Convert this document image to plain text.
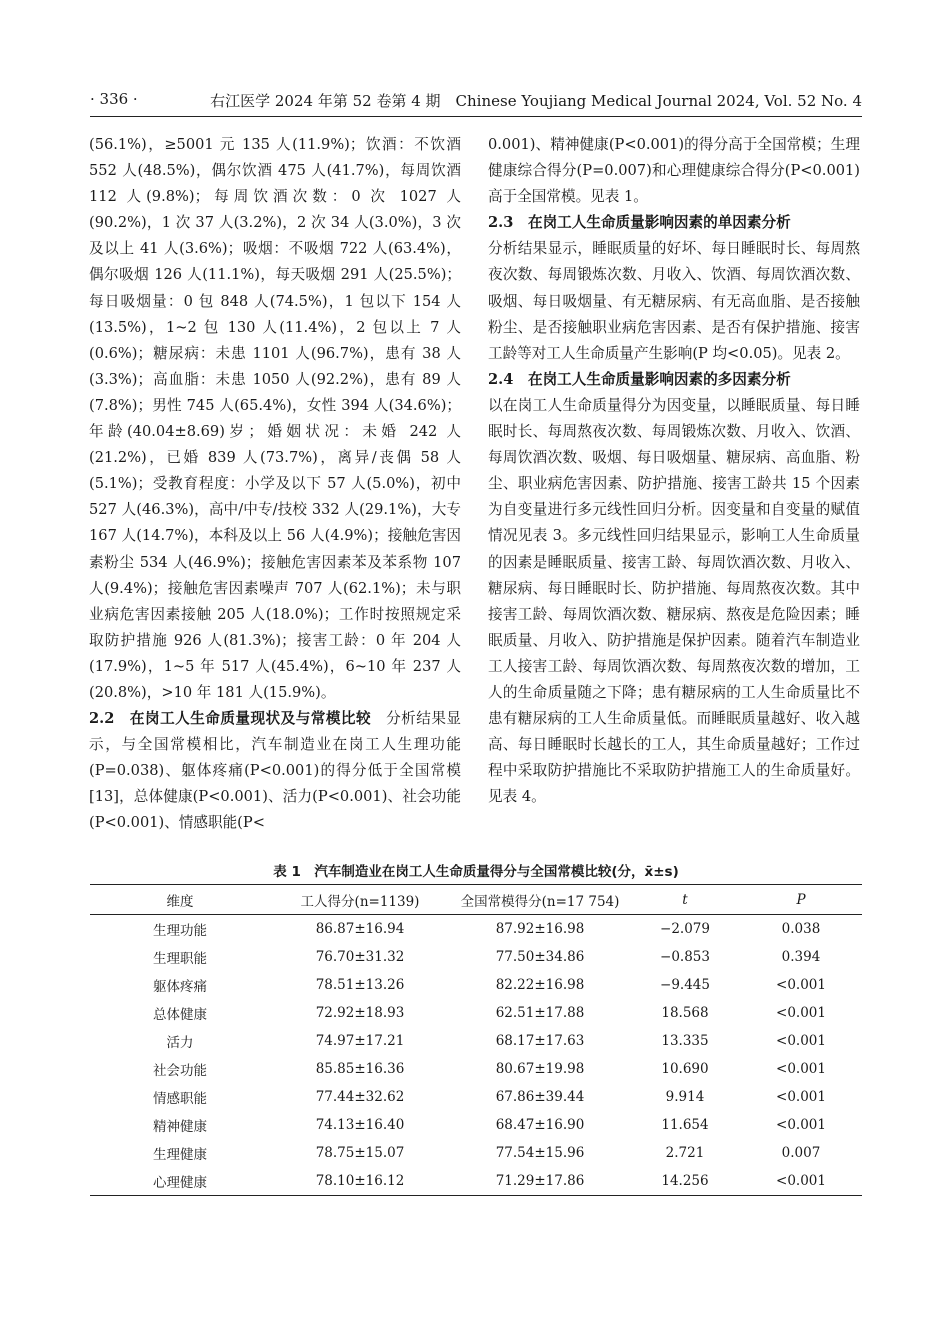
· 336 ·	右江医学 2024 年第 52 卷第 4 期　Chinese Youjiang Medical Journal 2024, Vol. 52 No. 4

(56.1%)，≥5001 元 135 人(11.9%)；饮酒：不饮酒 552 人(48.5%)，偶尔饮酒 475 人(41.7%)，每周饮酒 112 人(9.8%)；每周饮酒次数：0 次 1027 人(90.2%)，1 次 37 人(3.2%)，2 次 34 人(3.0%)，3 次及以上 41 人(3.6%)；吸烟：不吸烟 722 人(63.4%)，偶尔吸烟 126 人(11.1%)，每天吸烟 291 人(25.5%)；每日吸烟量：0 包 848 人(74.5%)，1 包以下 154 人(13.5%)，1~2 包 130 人(11.4%)，2 包以上 7 人(0.6%)；糖尿病：未患 1101 人(96.7%)，患有 38 人(3.3%)；高血脂：未患 1050 人(92.2%)，患有 89 人(7.8%)；男性 745 人(65.4%)，女性 394 人(34.6%)；年龄(40.04±8.69)岁；婚姻状况：未婚 242 人(21.2%)，已婚 839 人(73.7%)，离异/丧偶 58 人(5.1%)；受教育程度：小学及以下 57 人(5.0%)，初中 527 人(46.3%)，高中/中专/技校 332 人(29.1%)，大专 167 人(14.7%)，本科及以上 56 人(4.9%)；接触危害因素粉尘 534 人(46.9%)；接触危害因素苯及苯系物 107 人(9.4%)；接触危害因素噪声 707 人(62.1%)；未与职业病危害因素接触 205 人(18.0%)；工作时按照规定采取防护措施 926 人(81.3%)；接害工龄：0 年 204 人(17.9%)，1~5 年 517 人(45.4%)，6~10 年 237 人(20.8%)，>10 年 181 人(15.9%)。

2.2　在岗工人生命质量现状及与常模比较　分析结果显示，与全国常模相比，汽车制造业在岗工人生理功能(P=0.038)、躯体疼痛(P<0.001)的得分低于全国常模[13]，总体健康(P<0.001)、活力(P<0.001)、社会功能(P<0.001)、情感职能(P<

0.001)、精神健康(P<0.001)的得分高于全国常模；生理健康综合得分(P=0.007)和心理健康综合得分(P<0.001)高于全国常模。见表 1。

2.3　在岗工人生命质量影响因素的单因素分析

分析结果显示，睡眠质量的好坏、每日睡眠时长、每周熬夜次数、每周锻炼次数、月收入、饮酒、每周饮酒次数、吸烟、每日吸烟量、有无糖尿病、有无高血脂、是否接触粉尘、是否接触职业病危害因素、是否有保护措施、接害工龄等对工人生命质量产生影响(P 均<0.05)。见表 2。

2.4　在岗工人生命质量影响因素的多因素分析

以在岗工人生命质量得分为因变量，以睡眠质量、每日睡眠时长、每周熬夜次数、每周锻炼次数、月收入、饮酒、每周饮酒次数、吸烟、每日吸烟量、糖尿病、高血脂、粉尘、职业病危害因素、防护措施、接害工龄共 15 个因素为自变量进行多元线性回归分析。因变量和自变量的赋值情况见表 3。多元线性回归结果显示，影响工人生命质量的因素是睡眠质量、接害工龄、每周饮酒次数、月收入、糖尿病、每日睡眠时长、防护措施、每周熬夜次数。其中接害工龄、每周饮酒次数、糖尿病、熬夜是危险因素；睡眠质量、月收入、防护措施是保护因素。随着汽车制造业工人接害工龄、每周饮酒次数、每周熬夜次数的增加，工人的生命质量随之下降；患有糖尿病的工人生命质量比不患有糖尿病的工人生命质量低。而睡眠质量越好、收入越高、每日睡眠时长越长的工人，其生命质量越好；工作过程中采取防护措施比不采取防护措施工人的生命质量好。见表 4。

表 1　汽车制造业在岗工人生命质量得分与全国常模比较(分，x̄±s)
维度	工人得分(n=1139)	全国常模得分(n=17 754)	t	P
生理功能	86.87±16.94	87.92±16.98	−2.079	0.038
生理职能	76.70±31.32	77.50±34.86	−0.853	0.394
躯体疼痛	78.51±13.26	82.22±16.98	−9.445	<0.001
总体健康	72.92±18.93	62.51±17.88	18.568	<0.001
活力	74.97±17.21	68.17±17.63	13.335	<0.001
社会功能	85.85±16.36	80.67±19.98	10.690	<0.001
情感职能	77.44±32.62	67.86±39.44	9.914	<0.001
精神健康	74.13±16.40	68.47±16.90	11.654	<0.001
生理健康	78.75±15.07	77.54±15.96	2.721	0.007
心理健康	78.10±16.12	71.29±17.86	14.256	<0.001
